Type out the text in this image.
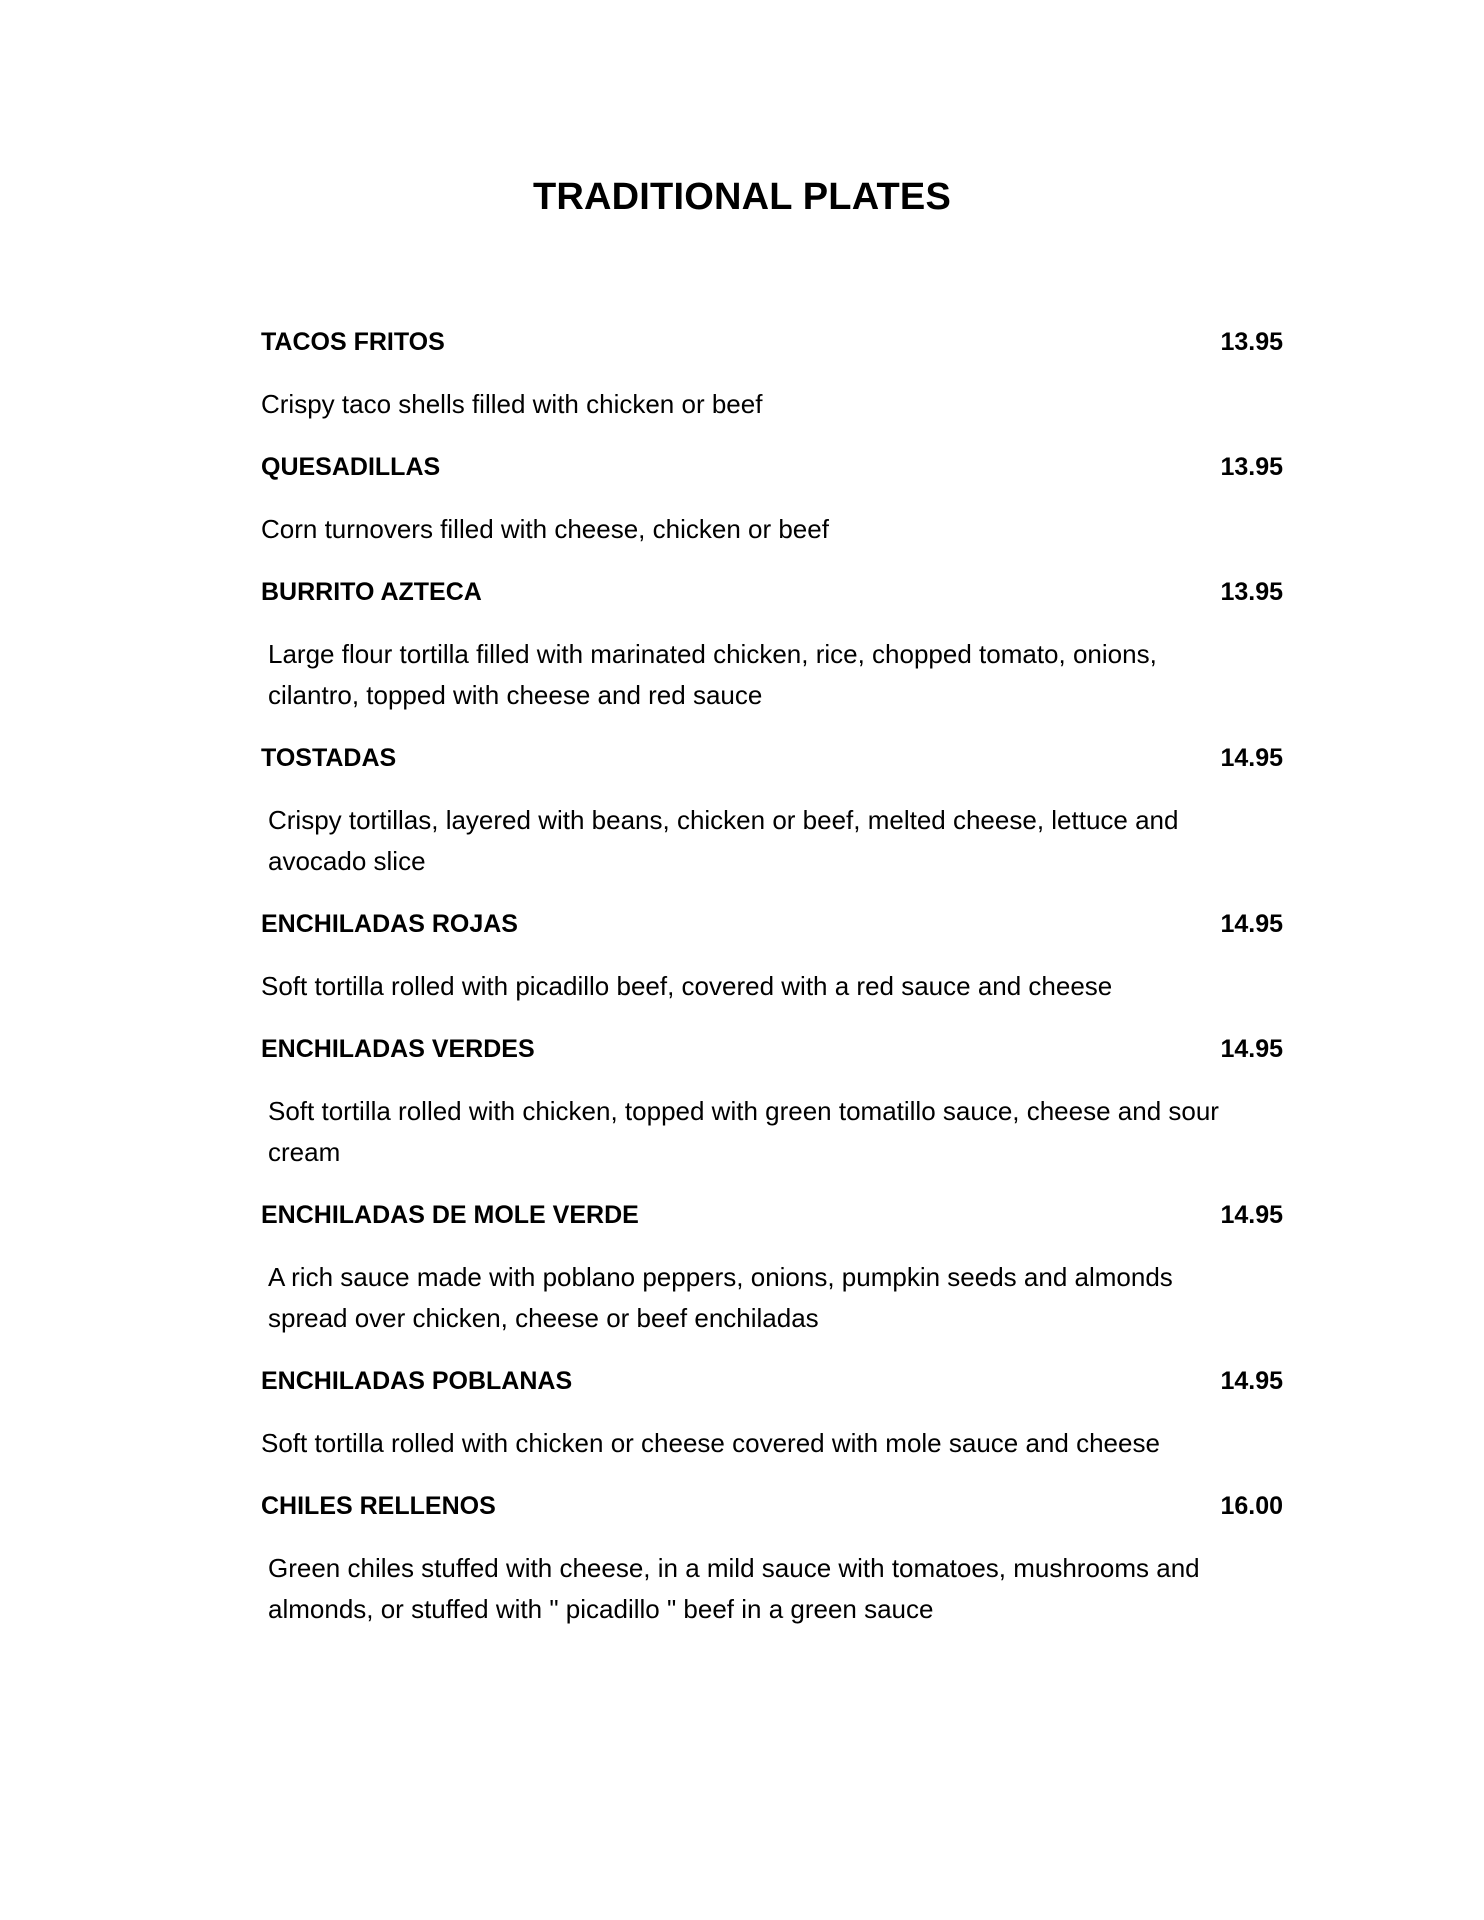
TRADITIONAL PLATES
TACOS FRITOS	13.95
Crispy taco shells filled with chicken or beef
QUESADILLAS	13.95
Corn turnovers filled with cheese, chicken or beef
BURRITO AZTECA	13.95
Large flour tortilla filled with marinated chicken, rice, chopped tomato, onions, cilantro, topped with cheese and red sauce
TOSTADAS	14.95
Crispy tortillas, layered with beans, chicken or beef, melted cheese, lettuce and avocado slice
ENCHILADAS ROJAS	14.95
Soft tortilla rolled with picadillo beef, covered with a red sauce and cheese
ENCHILADAS VERDES	14.95
Soft tortilla rolled with chicken, topped with green tomatillo sauce, cheese and sour cream
ENCHILADAS DE MOLE VERDE	14.95
A rich sauce made with poblano peppers, onions, pumpkin seeds and almonds spread over chicken, cheese or beef enchiladas
ENCHILADAS POBLANAS	14.95
Soft tortilla rolled with chicken or cheese covered with mole sauce and cheese
CHILES RELLENOS	16.00
Green chiles stuffed with cheese, in a mild sauce with tomatoes, mushrooms and almonds, or stuffed with " picadillo " beef in a green sauce
